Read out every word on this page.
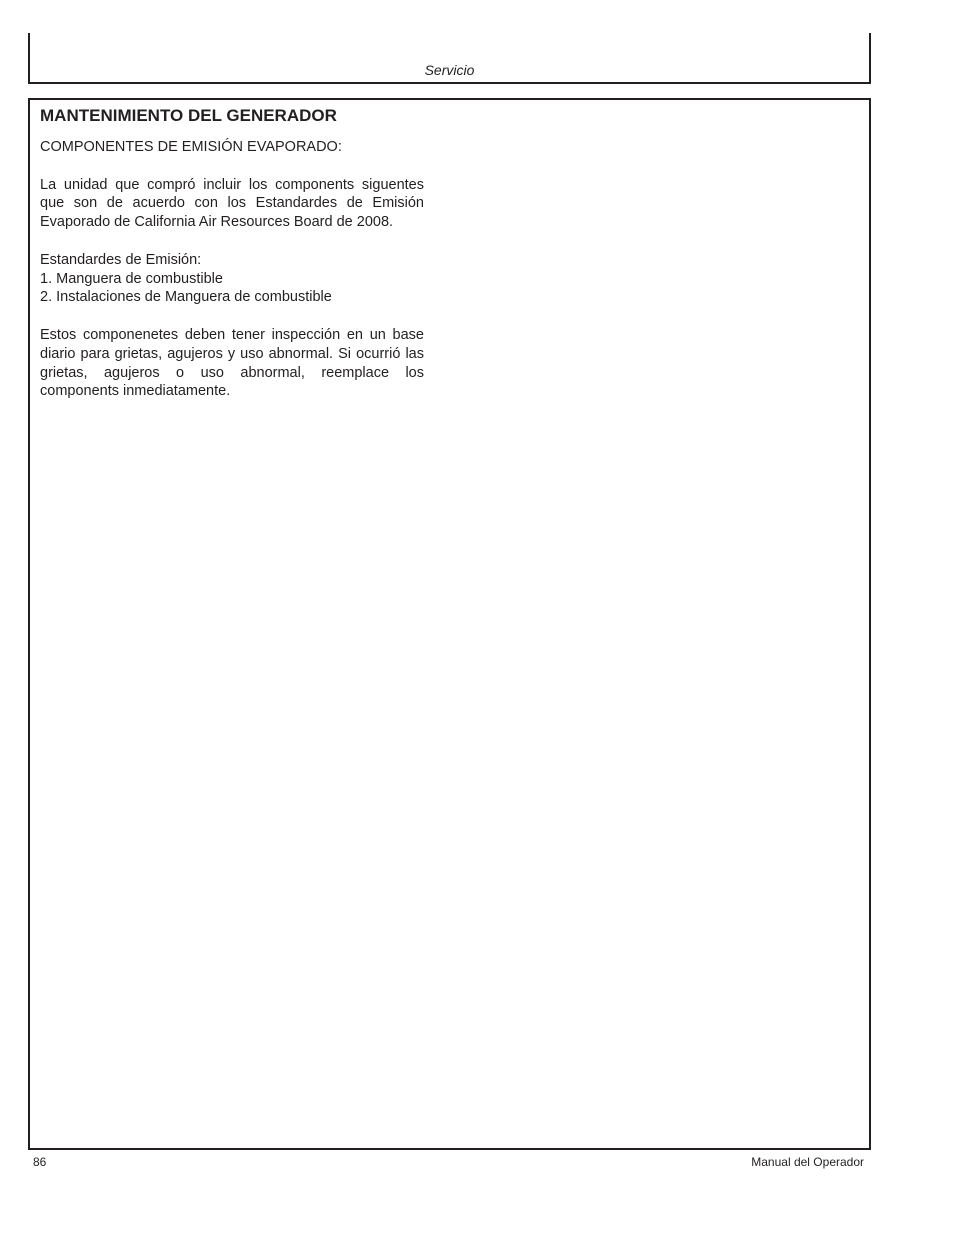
Servicio
MANTENIMIENTO DEL GENERADOR

COMPONENTES DE EMISIÓN EVAPORADO:

La unidad que compró incluir los components siguentes que son de acuerdo con los Estandardes de Emisión Evaporado de California Air Resources Board de 2008.

Estandardes de Emisión:
1. Manguera de combustible
2. Instalaciones de Manguera de combustible

Estos componenetes deben tener inspección en un base diario para grietas, agujeros y uso abnormal. Si ocurrió las grietas, agujeros o uso abnormal, reemplace los components inmediatamente.

86	Manual del Operador
